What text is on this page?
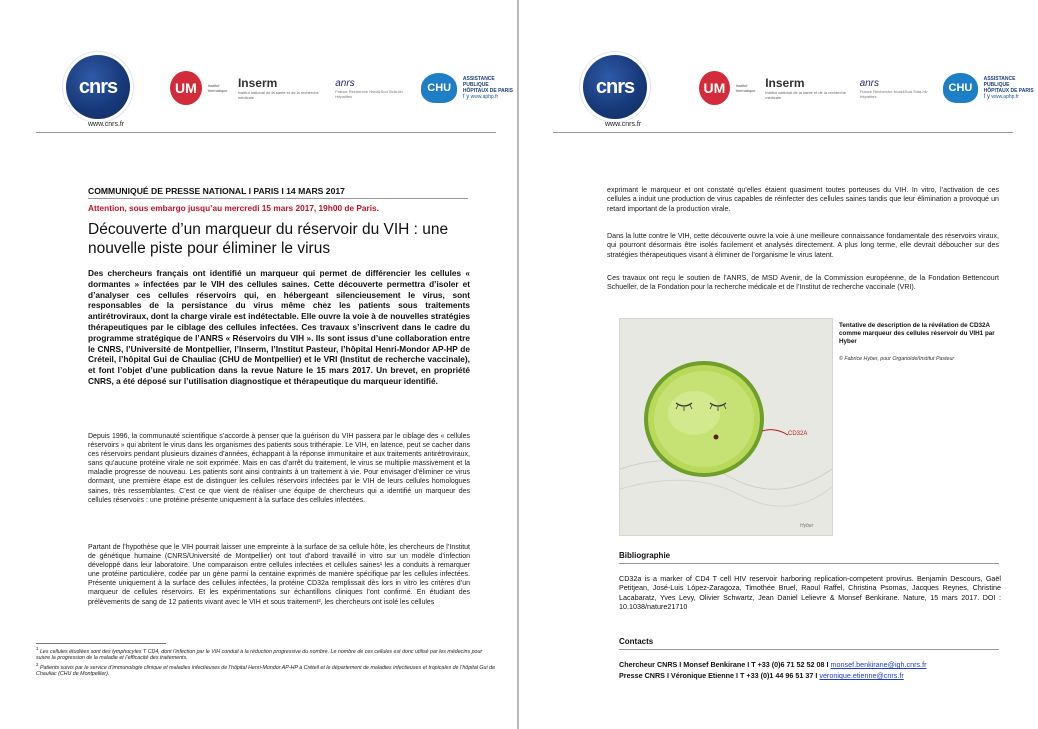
cnrs
www.cnrs.fr
UM	Institut thématique
Inserm
Institut national de la santé et de la recherche médicale
anrs
France Recherche Nord&Sud Sida-hiv Hépatites
CHU
ASSISTANCE PUBLIQUE
HÔPITAUX DE PARIS
f y www.aphp.fr
COMMUNIQUÉ DE PRESSE NATIONAL I PARIS I 14 MARS 2017
Attention, sous embargo jusqu’au mercredi 15 mars 2017, 19h00 de Paris.
Découverte d’un marqueur du réservoir du VIH : une nouvelle piste pour éliminer le virus
Des chercheurs français ont identifié un marqueur qui permet de différencier les cellules « dormantes » infectées par le VIH des cellules saines. Cette découverte permettra d’isoler et d’analyser ces cellules réservoirs qui, en hébergeant silencieusement le virus, sont responsables de la persistance du virus même chez les patients sous traitements antirétroviraux, dont la charge virale est indétectable. Elle ouvre la voie à de nouvelles stratégies thérapeutiques par le ciblage des cellules infectées. Ces travaux s’inscrivent dans le cadre du programme stratégique de l’ANRS « Réservoirs du VIH ». Ils sont issus d’une collaboration entre le CNRS, l’Université de Montpellier, l’Inserm, l’Institut Pasteur, l’hôpital Henri-Mondor AP-HP de Créteil, l’hôpital Gui de Chauliac (CHU de Montpellier) et le VRI (Institut de recherche vaccinale), et font l’objet d’une publication dans la revue Nature le 15 mars 2017. Un brevet, en propriété CNRS, a été déposé sur l’utilisation diagnostique et thérapeutique du marqueur identifié.
Depuis 1996, la communauté scientifique s’accorde à penser que la guérison du VIH passera par le ciblage des « cellules réservoirs » qui abritent le virus dans les organismes des patients sous trithérapie. Le VIH, en latence, peut se cacher dans ces réservoirs pendant plusieurs dizaines d’années, échappant à la réponse immunitaire et aux traitements antirétroviraux, sans qu’aucune protéine virale ne soit exprimée. Mais en cas d’arrêt du traitement, le virus se multiplie massivement et la maladie progresse de nouveau. Les patients sont ainsi contraints à un traitement à vie. Pour envisager d’éliminer ce virus dormant, une première étape est de distinguer les cellules réservoirs infectées par le VIH de leurs cellules homologues saines, très ressemblantes. C’est ce que vient de réaliser une équipe de chercheurs qui a identifié un marqueur des cellules réservoirs : une protéine présente uniquement à la surface des cellules infectées.
Partant de l’hypothèse que le VIH pourrait laisser une empreinte à la surface de sa cellule hôte, les chercheurs de l’Institut de génétique humaine (CNRS/Université de Montpellier) ont tout d’abord travaillé in vitro sur un modèle d’infection développé dans leur laboratoire. Une comparaison entre cellules infectées et cellules saines¹ les a conduits à remarquer une protéine particulière, codée par un gène parmi la centaine exprimés de manière spécifique par les cellules infectées. Présente uniquement à la surface des cellules infectées, la protéine CD32a remplissait dès lors in vitro les critères d’un marqueur de cellules réservoirs. Et les expérimentations sur échantillons cliniques l’ont confirmé. En étudiant des prélèvements de sang de 12 patients vivant avec le VIH et sous traitement², les chercheurs ont isolé les cellules
$^1$ Les cellules étudiées sont des lymphocytes T CD4, dont l’infection par le VIH conduit à la réduction progressive du nombre. Le nombre de ces cellules est donc utilisé par les médecins pour suivre la progression de la maladie et l’efficacité des traitements.
$^2$ Patients suivis par le service d’immunologie clinique et maladies infectieuses de l’hôpital Henri-Mondor AP-HP à Créteil et le département de maladies infectieuses et tropicales de l’hôpital Gui de Chauliac (CHU de Montpellier).
cnrs
www.cnrs.fr
UM	Institut thématique
Inserm
Institut national de la santé et de la recherche médicale
anrs
France Recherche Nord&Sud Sida-hiv Hépatites
CHU
ASSISTANCE PUBLIQUE
HÔPITAUX DE PARIS
f y www.aphp.fr
exprimant le marqueur et ont constaté qu’elles étaient quasiment toutes porteuses du VIH. In vitro, l’activation de ces cellules a induit une production de virus capables de réinfecter des cellules saines tandis que leur élimination a provoqué un retard important de la production virale.
Dans la lutte contre le VIH, cette découverte ouvre la voie à une meilleure connaissance fondamentale des réservoirs viraux, qui pourront désormais être isolés facilement et analysés directement. A plus long terme, elle devrait déboucher sur des stratégies thérapeutiques visant à éliminer de l’organisme le virus latent.
Ces travaux ont reçu le soutien de l’ANRS, de MSD Avenir, de la Commission européenne, de la Fondation Bettencourt Schueller, de la Fondation pour la recherche médicale et de l’Institut de recherche vaccinale (VRI).
CD32A
Hyber
Tentative de description de la révélation de CD32A comme marqueur des cellules réservoir du VIH1 par Hyber
© Fabrice Hyber, pour Organoïde/Institut Pasteur
Bibliographie
CD32a is a marker of CD4 T cell HIV reservoir harboring replication-competent provirus. Benjamin Descours, Gaël Petitjean, José-Luis López-Zaragoza, Timothée Bruel, Raoul Raffel, Christina Psomas, Jacques Reynes, Christine Lacabaratz, Yves Levy, Olivier Schwartz, Jean Daniel Lelievre & Monsef Benkirane. Nature, 15 mars 2017. DOI : 10.1038/nature21710
Contacts
Chercheur CNRS I Monsef Benkirane I T +33 (0)6 71 52 52 08 I monsef.benkirane@igh.cnrs.fr
Presse CNRS I Véronique Etienne I T +33 (0)1 44 96 51 37 I veronique.etienne@cnrs.fr
